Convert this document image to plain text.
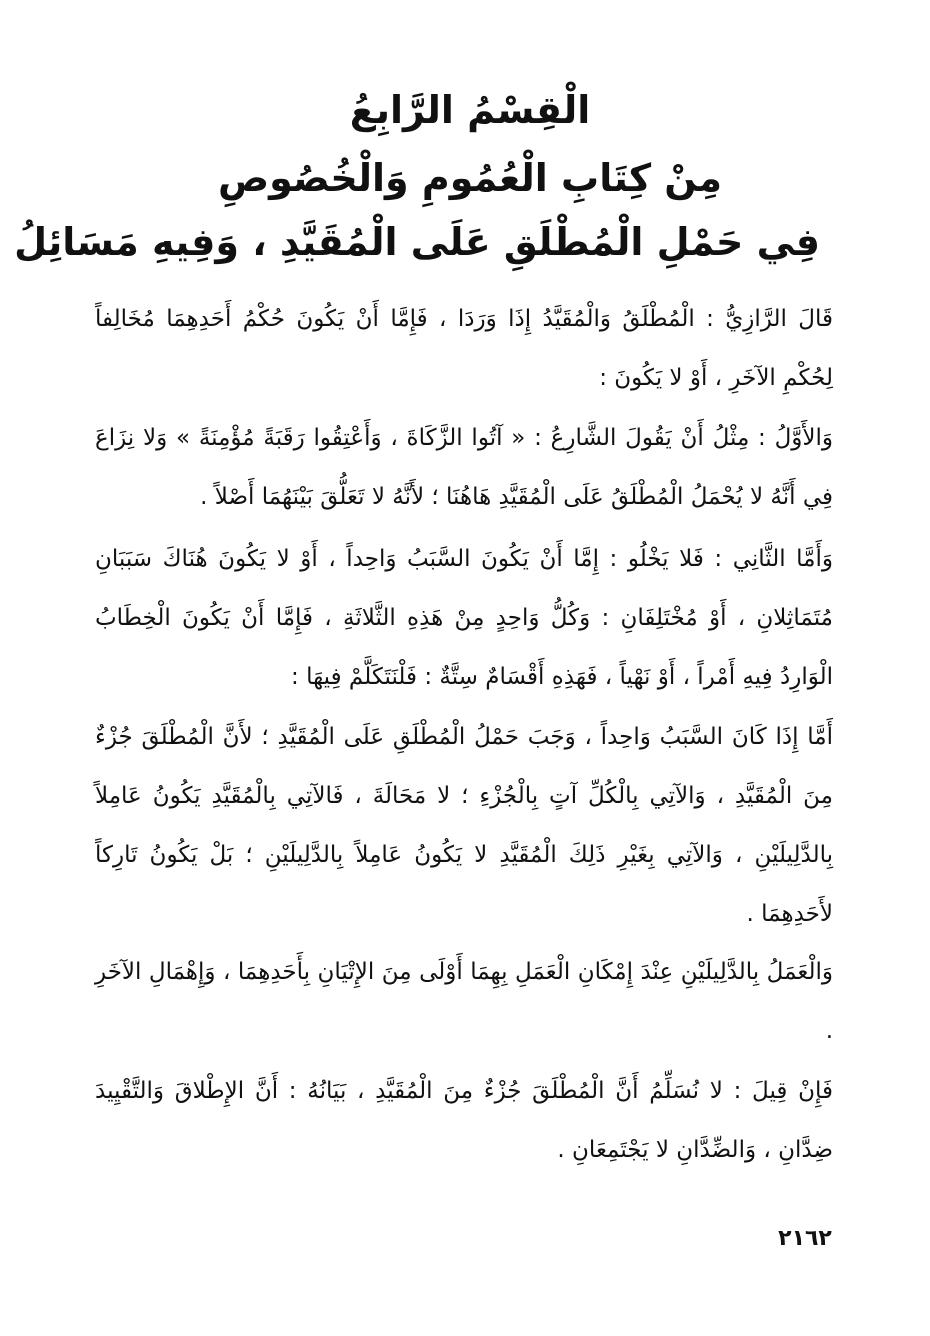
الْقِسْمُ الرَّابِعُ
مِنْ كِتَابِ الْعُمُومِ وَالْخُصُوصِ
فِي حَمْلِ الْمُطْلَقِ عَلَى الْمُقَيَّدِ ، وَفِيهِ مَسَائِلُ
قَالَ الرَّازِيُّ : الْمُطْلَقُ وَالْمُقَيَّدُ إِذَا وَرَدَا ، فَإِمَّا أَنْ يَكُونَ حُكْمُ أَحَدِهِمَا مُخَالِفاً لِحُكْمِ الآخَرِ ، أَوْ لا يَكُونَ :
وَالأَوَّلُ : مِثْلُ أَنْ يَقُولَ الشَّارِعُ : « آتُوا الزَّكَاةَ ، وَأَعْتِقُوا رَقَبَةً مُؤْمِنَةً » وَلا نِزَاعَ فِي أَنَّهُ لا يُحْمَلُ الْمُطْلَقُ عَلَى الْمُقَيَّدِ هَاهُنَا ؛ لأَنَّهُ لا تَعَلُّقَ بَيْنَهُمَا أَصْلاً .
وَأَمَّا الثَّانِي : فَلا يَخْلُو : إِمَّا أَنْ يَكُونَ السَّبَبُ وَاحِداً ، أَوْ لا يَكُونَ هُنَاكَ سَبَبَانِ مُتَمَاثِلانِ ، أَوْ مُخْتَلِفَانِ : وَكُلُّ وَاحِدٍ مِنْ هَذِهِ الثَّلاثَةِ ، فَإِمَّا أَنْ يَكُونَ الْخِطَابُ الْوَارِدُ فِيهِ أَمْراً ، أَوْ نَهْياً ، فَهَذِهِ أَقْسَامٌ سِتَّةٌ : فَلْنَتَكَلَّمْ فِيهَا :
أَمَّا إِذَا كَانَ السَّبَبُ وَاحِداً ، وَجَبَ حَمْلُ الْمُطْلَقِ عَلَى الْمُقَيَّدِ ؛ لأَنَّ الْمُطْلَقَ جُزْءٌ مِنَ الْمُقَيَّدِ ، وَالآتِي بِالْكُلِّ آتٍ بِالْجُزْءِ ؛ لا مَحَالَةَ ، فَالآتِي بِالْمُقَيَّدِ يَكُونُ عَامِلاً بِالدَّلِيلَيْنِ ، وَالآتِي بِغَيْرِ ذَلِكَ الْمُقَيَّدِ لا يَكُونُ عَامِلاً بِالدَّلِيلَيْنِ ؛ بَلْ يَكُونُ تَارِكاً لأَحَدِهِمَا .
وَالْعَمَلُ بِالدَّلِيلَيْنِ عِنْدَ إِمْكَانِ الْعَمَلِ بِهِمَا أَوْلَى مِنَ الإِتْيَانِ بِأَحَدِهِمَا ، وَإِهْمَالِ الآخَرِ .
فَإِنْ قِيلَ : لا نُسَلِّمُ أَنَّ الْمُطْلَقَ جُزْءٌ مِنَ الْمُقَيَّدِ ، بَيَانُهُ : أَنَّ الإِطْلاقَ وَالتَّقْيِيدَ ضِدَّانِ ، وَالضِّدَّانِ لا يَجْتَمِعَانِ .
٢١٦٢
